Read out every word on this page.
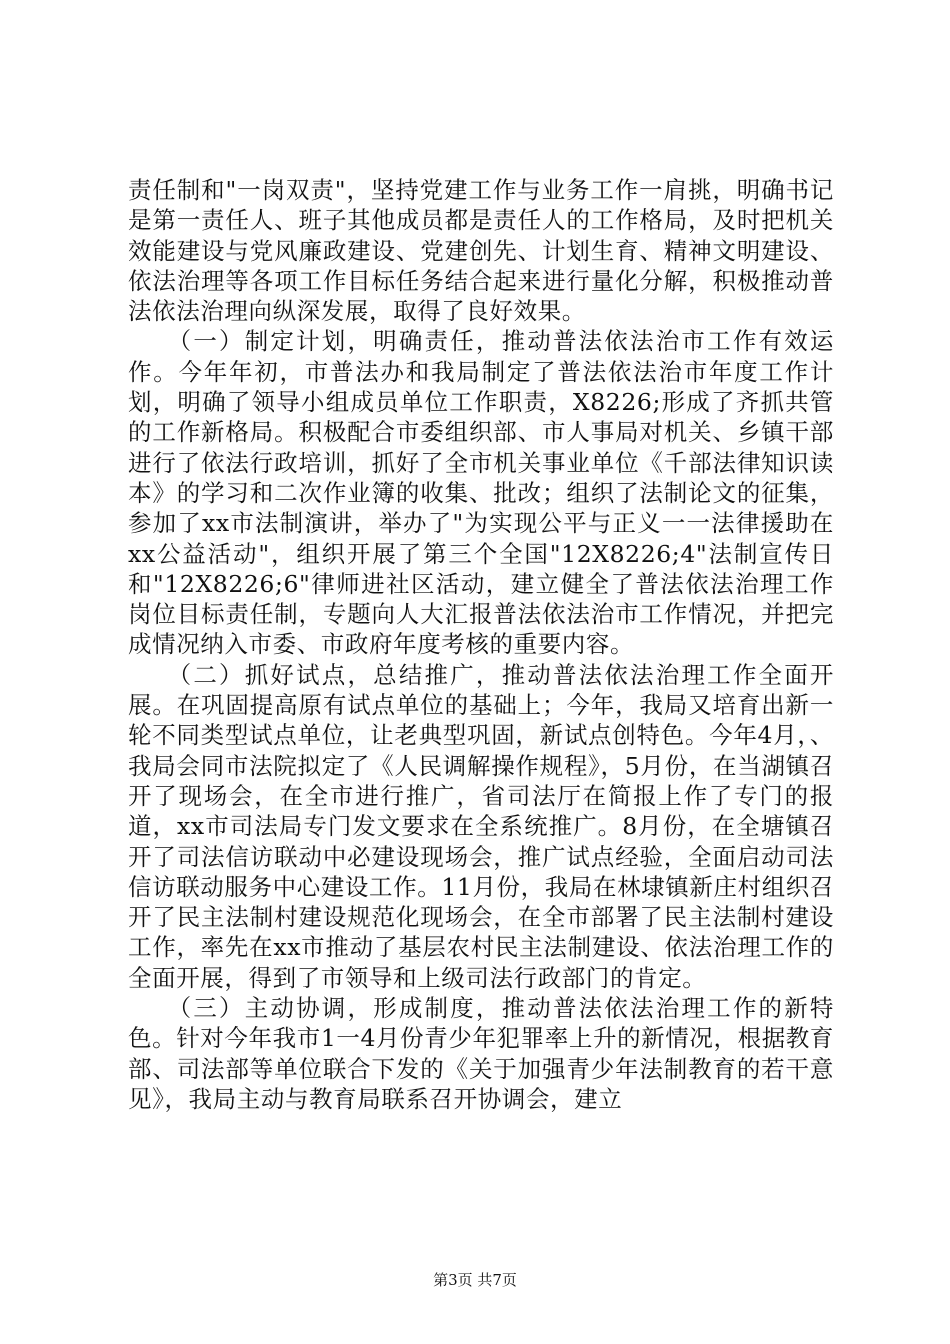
责任制和"一岗双责"，坚持党建工作与业务工作一肩挑，明确书记是第一责任人、班子其他成员都是责任人的工作格局，及时把机关效能建设与党风廉政建设、党建创先、计划生育、精神文明建设、依法治理等各项工作目标任务结合起来进行量化分解，积极推动普法依法治理向纵深发展，取得了良好效果。

　　（一）制定计划，明确责任，推动普法依法治市工作有效运作。今年年初，市普法办和我局制定了普法依法治市年度工作计划，明确了领导小组成员单位工作职责，X8226;形成了齐抓共管的工作新格局。积极配合市委组织部、市人事局对机关、乡镇干部进行了依法行政培训，抓好了全市机关事业单位《千部法律知识读本》的学习和二次作业簿的收集、批改；组织了法制论文的征集，参加了xx市法制演讲，举办了"为实现公平与正义一一法律援助在xx公益活动"，组织开展了第三个全国"12X8226;4"法制宣传日和"12X8226;6"律师进社区活动，建立健全了普法依法治理工作岗位目标责任制，专题向人大汇报普法依法治市工作情况，并把完成情况纳入市委、市政府年度考核的重要内容。

　　（二）抓好试点，总结推广，推动普法依法治理工作全面开展。在巩固提高原有试点单位的基础上；今年，我局又培育出新一轮不同类型试点单位，让老典型巩固，新试点创特色。今年4月，、我局会同市法院拟定了《人民调解操作规程》，5月份，在当湖镇召开了现场会，在全市进行推广，省司法厅在简报上作了专门的报道，xx市司法局专门发文要求在全系统推广。8月份，在全塘镇召开了司法信访联动中必建设现场会，推广试点经验，全面启动司法信访联动服务中心建设工作。11月份，我局在林埭镇新庄村组织召开了民主法制村建设规范化现场会，在全市部署了民主法制村建设工作，率先在xx市推动了基层农村民主法制建设、依法治理工作的全面开展，得到了市领导和上级司法行政部门的肯定。

　　（三）主动协调，形成制度，推动普法依法治理工作的新特色。针对今年我市1一4月份青少年犯罪率上升的新情况，根据教育部、司法部等单位联合下发的《关于加强青少年法制教育的若干意见》，我局主动与教育局联系召开协调会，建立

第3页 共7页
